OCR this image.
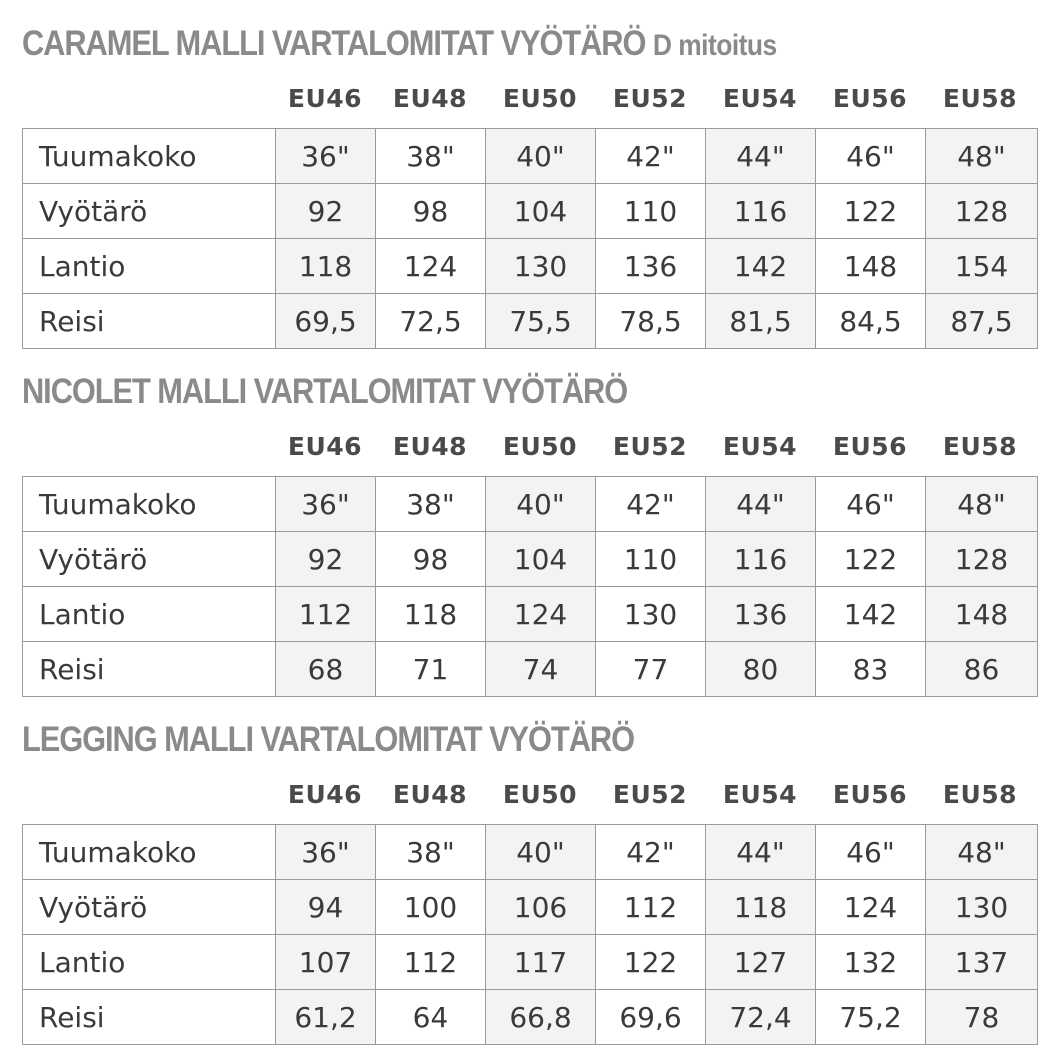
CARAMEL MALLI VARTALOMITAT VYÖTÄRÖ D mitoitus
EU46	EU48	EU50	EU52	EU54	EU56	EU58
Tuumakoko	36"	38"	40"	42"	44"	46"	48"
Vyötärö	92	98	104	110	116	122	128
Lantio	118	124	130	136	142	148	154
Reisi	69,5	72,5	75,5	78,5	81,5	84,5	87,5
NICOLET MALLI VARTALOMITAT VYÖTÄRÖ
EU46	EU48	EU50	EU52	EU54	EU56	EU58
Tuumakoko	36"	38"	40"	42"	44"	46"	48"
Vyötärö	92	98	104	110	116	122	128
Lantio	112	118	124	130	136	142	148
Reisi	68	71	74	77	80	83	86
LEGGING MALLI VARTALOMITAT VYÖTÄRÖ
EU46	EU48	EU50	EU52	EU54	EU56	EU58
Tuumakoko	36"	38"	40"	42"	44"	46"	48"
Vyötärö	94	100	106	112	118	124	130
Lantio	107	112	117	122	127	132	137
Reisi	61,2	64	66,8	69,6	72,4	75,2	78
